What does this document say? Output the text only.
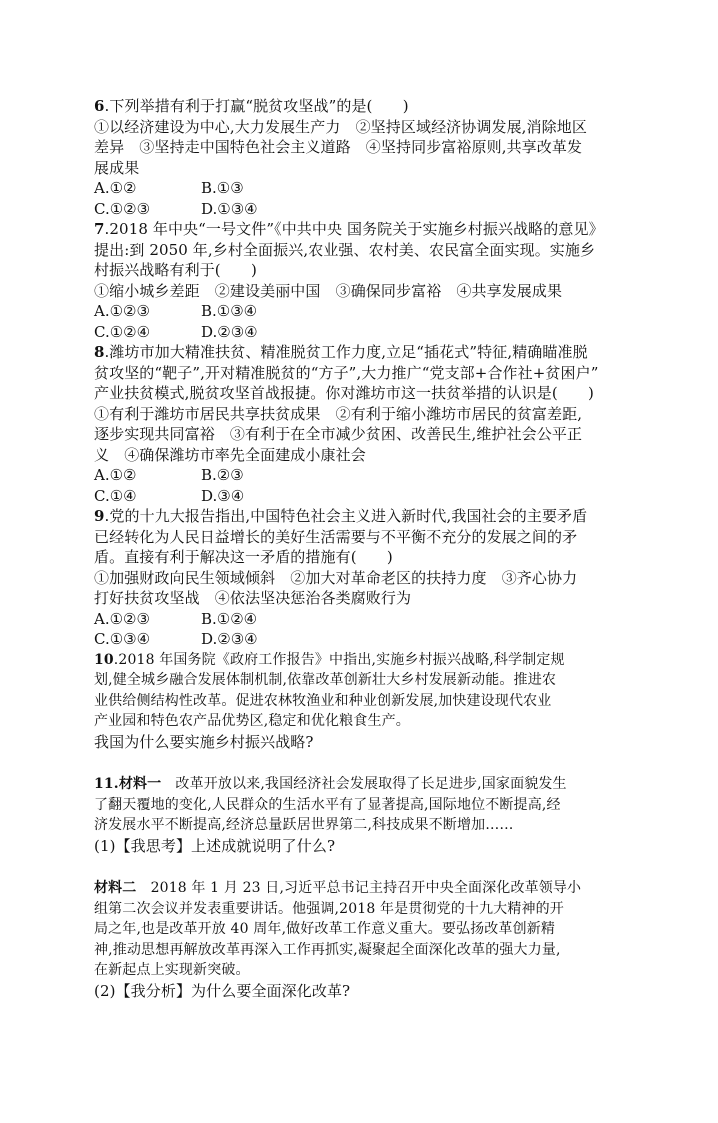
6.下列举措有利于打赢“脱贫攻坚战”的是(　　)
①以经济建设为中心,大力发展生产力　②坚持区域经济协调发展,消除地区
差异　③坚持走中国特色社会主义道路　④坚持同步富裕原则,共享改革发
展成果
A.①②	B.①③
C.①②③	D.①③④
7.2018 年中央“一号文件”《中共中央 国务院关于实施乡村振兴战略的意见》
提出:到 2050 年,乡村全面振兴,农业强、农村美、农民富全面实现。实施乡
村振兴战略有利于(　　)
①缩小城乡差距　②建设美丽中国　③确保同步富裕　④共享发展成果
A.①②③	B.①③④
C.①②④	D.②③④
8.潍坊市加大精准扶贫、精准脱贫工作力度,立足“插花式”特征,精确瞄准脱
贫攻坚的“靶子”,开对精准脱贫的“方子”,大力推广“党支部+合作社+贫困户”
产业扶贫模式,脱贫攻坚首战报捷。你对潍坊市这一扶贫举措的认识是(　　)
①有利于潍坊市居民共享扶贫成果　②有利于缩小潍坊市居民的贫富差距,
逐步实现共同富裕　③有利于在全市减少贫困、改善民生,维护社会公平正
义　④确保潍坊市率先全面建成小康社会
A.①②	B.②③
C.①④	D.③④
9.党的十九大报告指出,中国特色社会主义进入新时代,我国社会的主要矛盾
已经转化为人民日益增长的美好生活需要与不平衡不充分的发展之间的矛
盾。直接有利于解决这一矛盾的措施有(　　)
①加强财政向民生领域倾斜　②加大对革命老区的扶持力度　③齐心协力
打好扶贫攻坚战　④依法坚决惩治各类腐败行为
A.①②③	B.①②④
C.①③④	D.②③④
10.2018 年国务院《政府工作报告》中指出,实施乡村振兴战略,科学制定规
划,健全城乡融合发展体制机制,依靠改革创新壮大乡村发展新动能。推进农
业供给侧结构性改革。促进农林牧渔业和种业创新发展,加快建设现代农业
产业园和特色农产品优势区,稳定和优化粮食生产。
我国为什么要实施乡村振兴战略?
11.材料一　改革开放以来,我国经济社会发展取得了长足进步,国家面貌发生
了翻天覆地的变化,人民群众的生活水平有了显著提高,国际地位不断提高,经
济发展水平不断提高,经济总量跃居世界第二,科技成果不断增加……
(1)【我思考】上述成就说明了什么?
材料二　2018 年 1 月 23 日,习近平总书记主持召开中央全面深化改革领导小
组第二次会议并发表重要讲话。他强调,2018 年是贯彻党的十九大精神的开
局之年,也是改革开放 40 周年,做好改革工作意义重大。要弘扬改革创新精
神,推动思想再解放改革再深入工作再抓实,凝聚起全面深化改革的强大力量,
在新起点上实现新突破。
(2)【我分析】为什么要全面深化改革?
